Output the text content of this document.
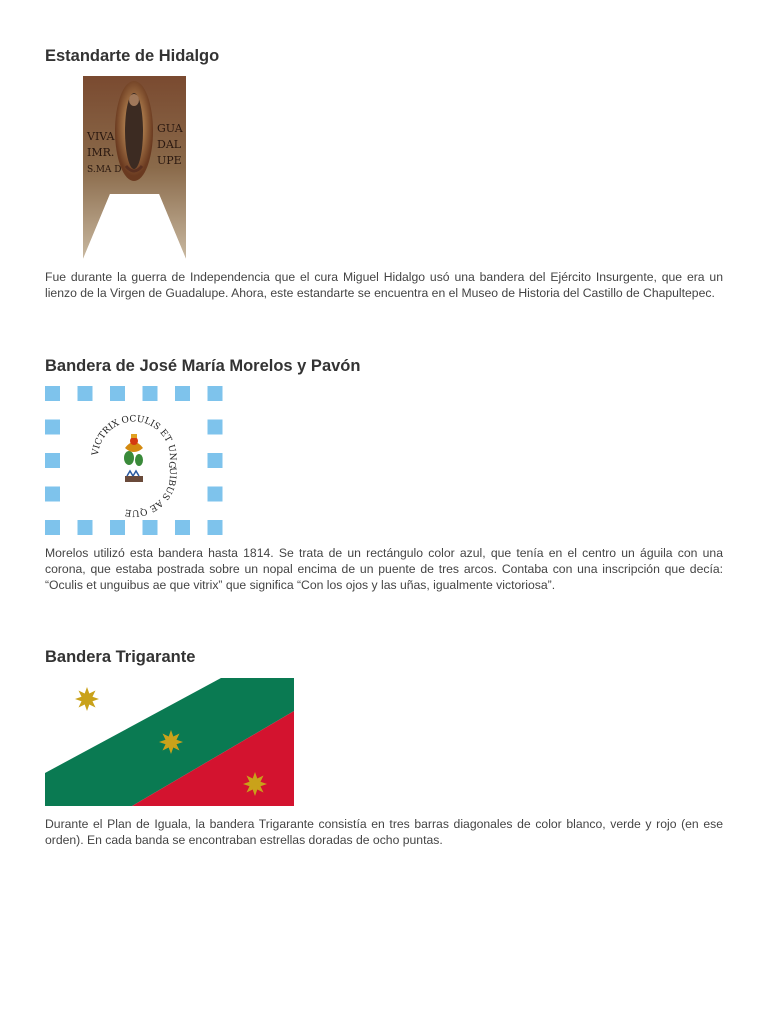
Estandarte de Hidalgo
VIVA
IMR.
S.MA D
GUA
DAL
UPE

Fue durante la guerra de Independencia que el cura Miguel Hidalgo usó una bandera del Ejército Insurgente, que era un lienzo de la Virgen de Guadalupe. Ahora, este estandarte se encuentra en el Museo de Historia del Castillo de Chapultepec.

Bandera de José María Morelos y Pavón
VICTRIX OCULIS ET UNGUIBUS AE QUE

Morelos utilizó esta bandera hasta 1814. Se trata de un rectángulo color azul, que tenía en el centro un águila con una corona, que estaba postrada sobre un nopal encima de un puente de tres arcos. Contaba con una inscripción que decía: “Oculis et unguibus ae que vitrix” que significa “Con los ojos y las uñas, igualmente victoriosa”.

Bandera Trigarante

Durante el Plan de Iguala, la bandera Trigarante consistía en tres barras diagonales de color blanco, verde y rojo (en ese orden). En cada banda se encontraban estrellas doradas de ocho puntas.
